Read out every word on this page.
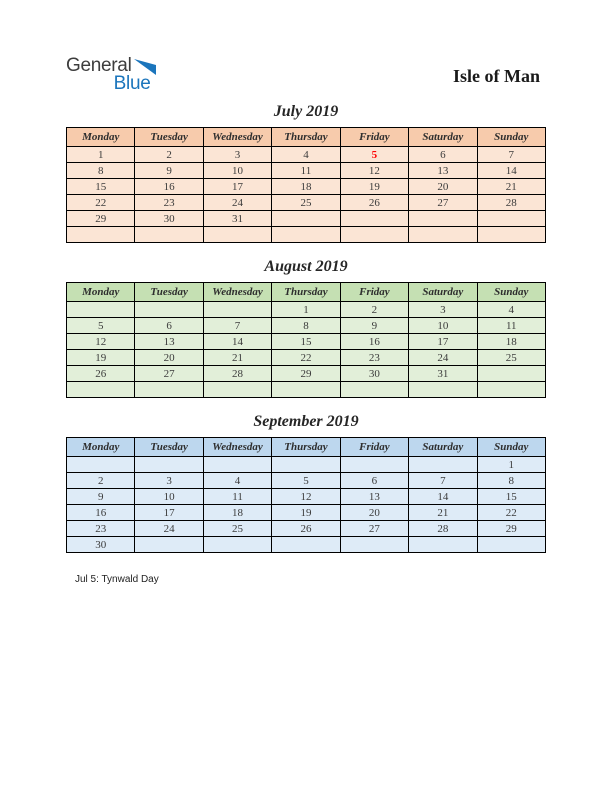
General
Blue	Isle of Man
July 2019
Monday	Tuesday	Wednesday	Thursday	Friday	Saturday	Sunday
1	2	3	4	5	6	7
8	9	10	11	12	13	14
15	16	17	18	19	20	21
22	23	24	25	26	27	28
29	30	31				

August 2019
Monday	Tuesday	Wednesday	Thursday	Friday	Saturday	Sunday
			1	2	3	4
5	6	7	8	9	10	11
12	13	14	15	16	17	18
19	20	21	22	23	24	25
26	27	28	29	30	31	

September 2019
Monday	Tuesday	Wednesday	Thursday	Friday	Saturday	Sunday
						1
2	3	4	5	6	7	8
9	10	11	12	13	14	15
16	17	18	19	20	21	22
23	24	25	26	27	28	29
30						
Jul 5: Tynwald Day
